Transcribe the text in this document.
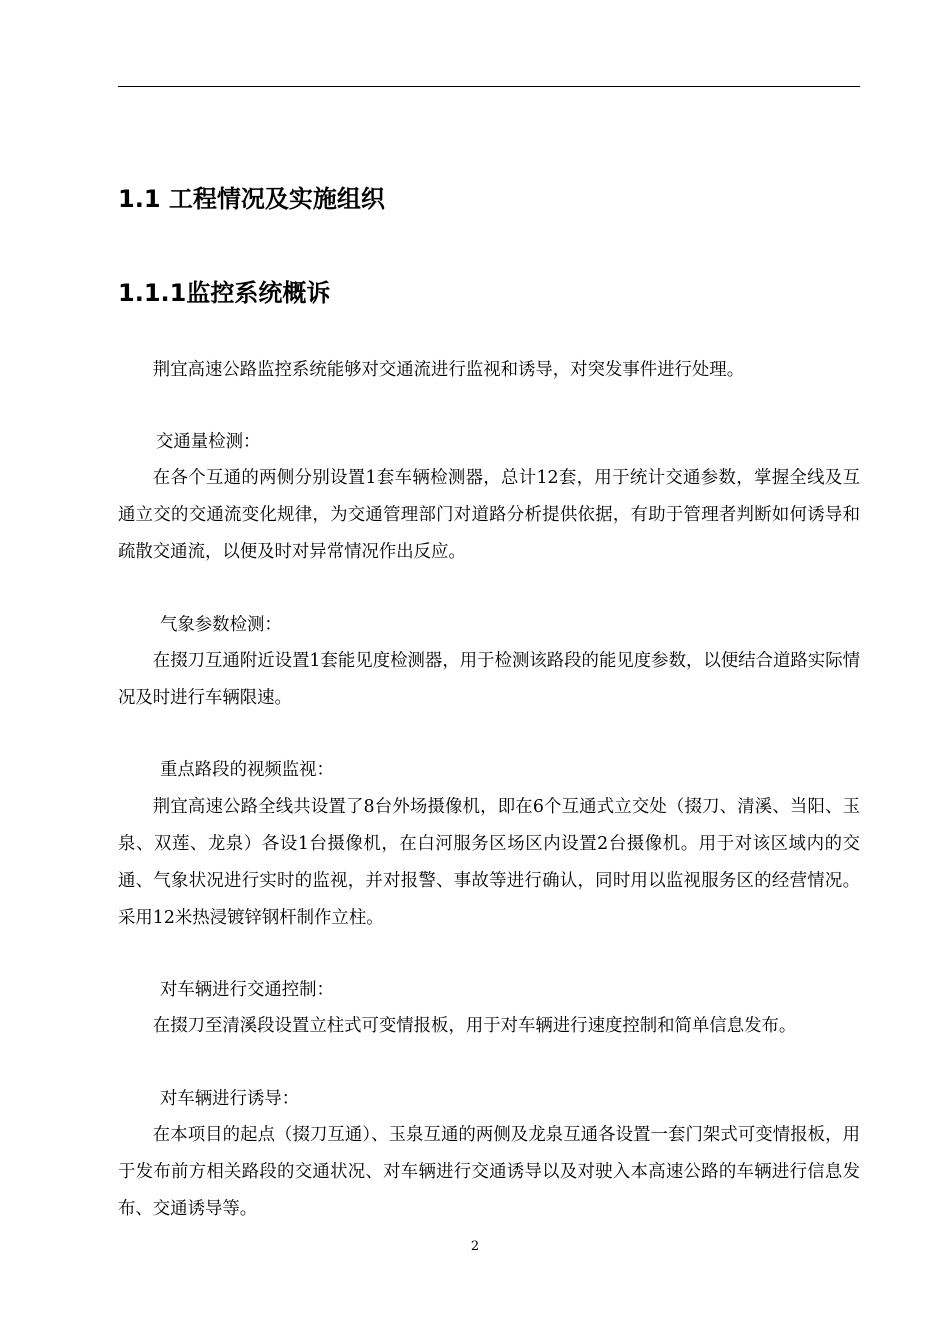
1.1 工程情况及实施组织
1.1.1监控系统概诉

荆宜高速公路监控系统能够对交通流进行监视和诱导，对突发事件进行处理。

交通量检测：

在各个互通的两侧分别设置1套车辆检测器，总计12套，用于统计交通参数，掌握全线及互通立交的交通流变化规律，为交通管理部门对道路分析提供依据，有助于管理者判断如何诱导和疏散交通流，以便及时对异常情况作出反应。

气象参数检测：

在掇刀互通附近设置1套能见度检测器，用于检测该路段的能见度参数，以便结合道路实际情况及时进行车辆限速。

重点路段的视频监视：

荆宜高速公路全线共设置了8台外场摄像机，即在6个互通式立交处（掇刀、清溪、当阳、玉泉、双莲、龙泉）各设1台摄像机，在白河服务区场区内设置2台摄像机。用于对该区域内的交通、气象状况进行实时的监视，并对报警、事故等进行确认，同时用以监视服务区的经营情况。采用12米热浸镀锌钢杆制作立柱。

对车辆进行交通控制：

在掇刀至清溪段设置立柱式可变情报板，用于对车辆进行速度控制和简单信息发布。

对车辆进行诱导：

在本项目的起点（掇刀互通）、玉泉互通的两侧及龙泉互通各设置一套门架式可变情报板，用于发布前方相关路段的交通状况、对车辆进行交通诱导以及对驶入本高速公路的车辆进行信息发布、交通诱导等。

2
